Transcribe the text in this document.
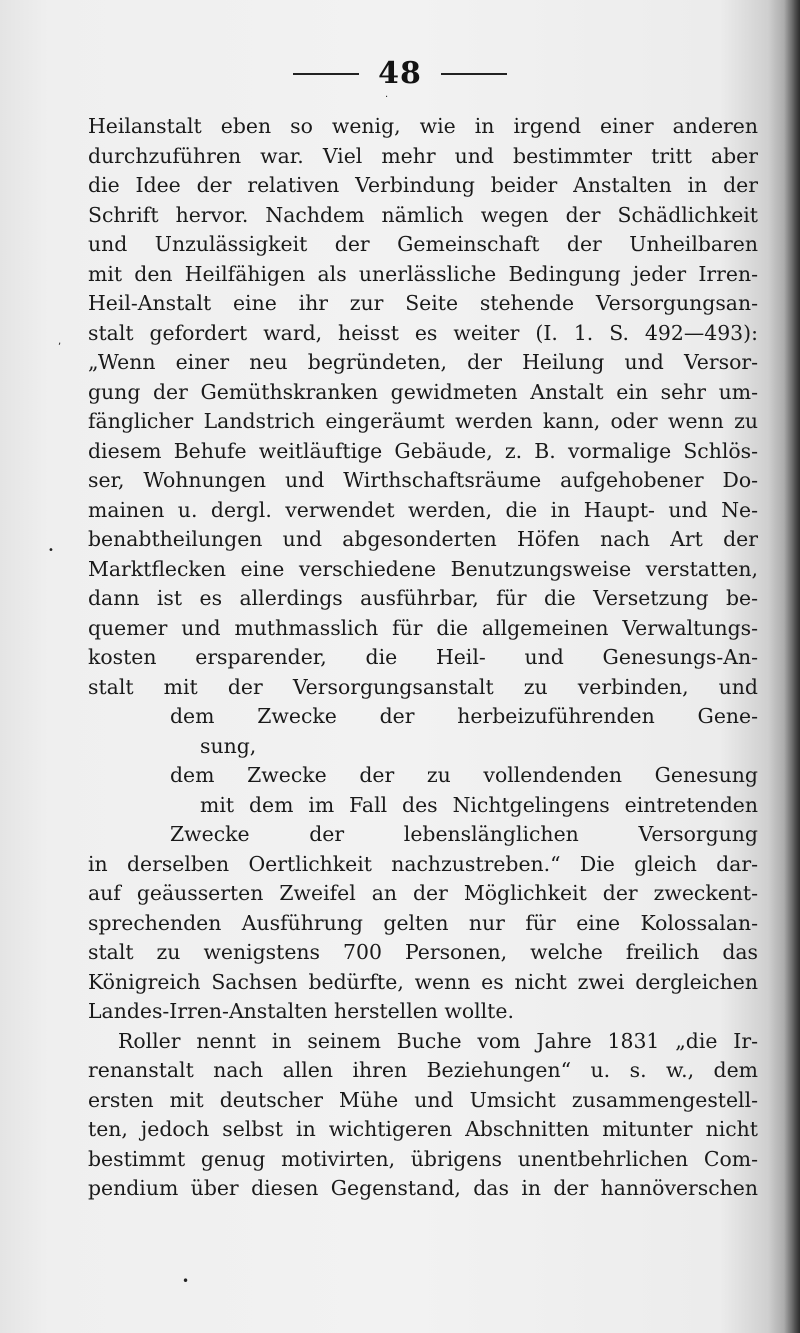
48
·
,
•
•
Heilanstalt eben so wenig, wie in irgend einer anderen
durchzuführen war. Viel mehr und bestimmter tritt aber
die Idee der relativen Verbindung beider Anstalten in der
Schrift hervor. Nachdem nämlich wegen der Schädlichkeit
und Unzulässigkeit der Gemeinschaft der Unheilbaren
mit den Heilfähigen als unerlässliche Bedingung jeder Irren-
Heil-Anstalt eine ihr zur Seite stehende Versorgungsan-
stalt gefordert ward, heisst es weiter (I. 1. S. 492—493):
„Wenn einer neu begründeten, der Heilung und Versor-
gung der Gemüthskranken gewidmeten Anstalt ein sehr um-
fänglicher Landstrich eingeräumt werden kann, oder wenn zu
diesem Behufe weitläuftige Gebäude, z. B. vormalige Schlös-
ser, Wohnungen und Wirthschaftsräume aufgehobener Do-
mainen u. dergl. verwendet werden, die in Haupt- und Ne-
benabtheilungen und abgesonderten Höfen nach Art der
Marktflecken eine verschiedene Benutzungsweise verstatten,
dann ist es allerdings ausführbar, für die Versetzung be-
quemer und muthmasslich für die allgemeinen Verwaltungs-
kosten ersparender, die Heil- und Genesungs-An-
stalt mit der Versorgungsanstalt zu verbinden, und
dem Zwecke der herbeizuführenden Gene-
sung,
dem Zwecke der zu vollendenden Genesung
mit dem im Fall des Nichtgelingens eintretenden
Zwecke der lebenslänglichen Versorgung
in derselben Oertlichkeit nachzustreben.“ Die gleich dar-
auf geäusserten Zweifel an der Möglichkeit der zweckent-
sprechenden Ausführung gelten nur für eine Kolossalan-
stalt zu wenigstens 700 Personen, welche freilich das
Königreich Sachsen bedürfte, wenn es nicht zwei dergleichen
Landes-Irren-Anstalten herstellen wollte.
Roller nennt in seinem Buche vom Jahre 1831 „die Ir-
renanstalt nach allen ihren Beziehungen“ u. s. w., dem
ersten mit deutscher Mühe und Umsicht zusammengestell-
ten, jedoch selbst in wichtigeren Abschnitten mitunter nicht
bestimmt genug motivirten, übrigens unentbehrlichen Com-
pendium über diesen Gegenstand, das in der hannöverschen
